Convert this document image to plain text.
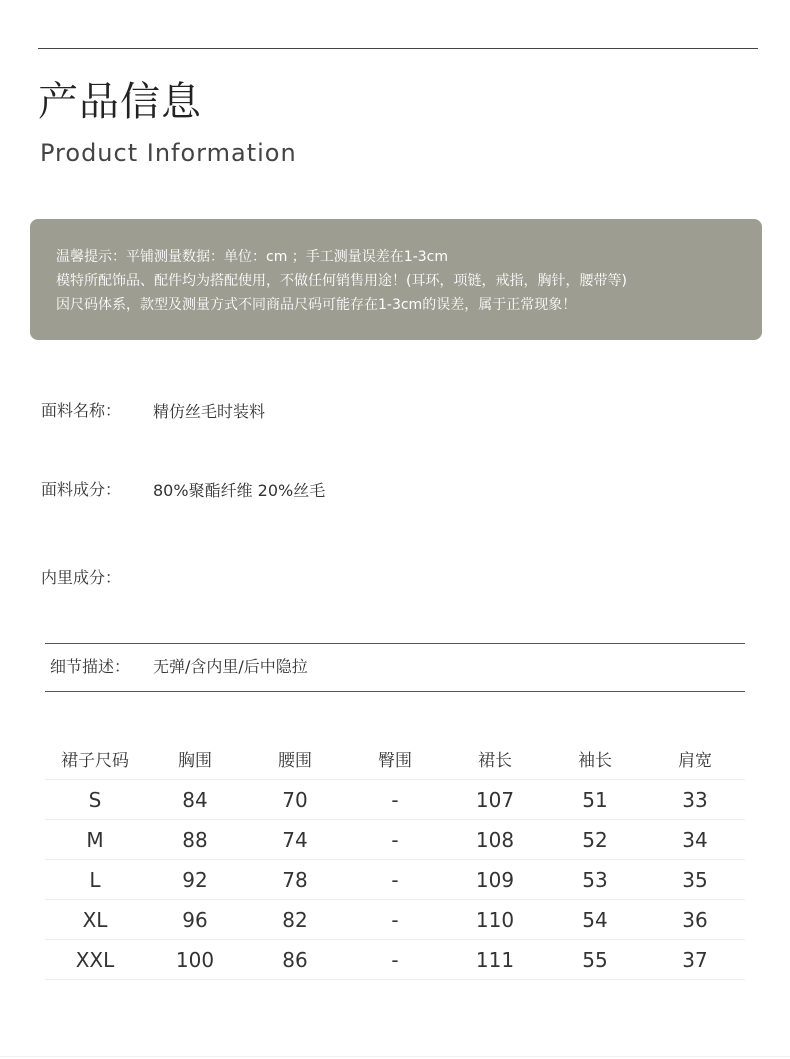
产品信息
Product Information
温馨提示：平铺测量数据：单位：cm ；手工测量误差在1-3cm
模特所配饰品、配件均为搭配使用，不做任何销售用途！(耳环，项链，戒指，胸针，腰带等)
因尺码体系，款型及测量方式不同商品尺码可能存在1-3cm的误差，属于正常现象！
面料名称： 精仿丝毛时装料
面料成分： 80%聚酯纤维 20%丝毛
内里成分：
细节描述： 无弹/含内里/后中隐拉
裙子尺码	胸围	腰围	臀围	裙长	袖长	肩宽
S	84	70	-	107	51	33
M	88	74	-	108	52	34
L	92	78	-	109	53	35
XL	96	82	-	110	54	36
XXL	100	86	-	111	55	37
